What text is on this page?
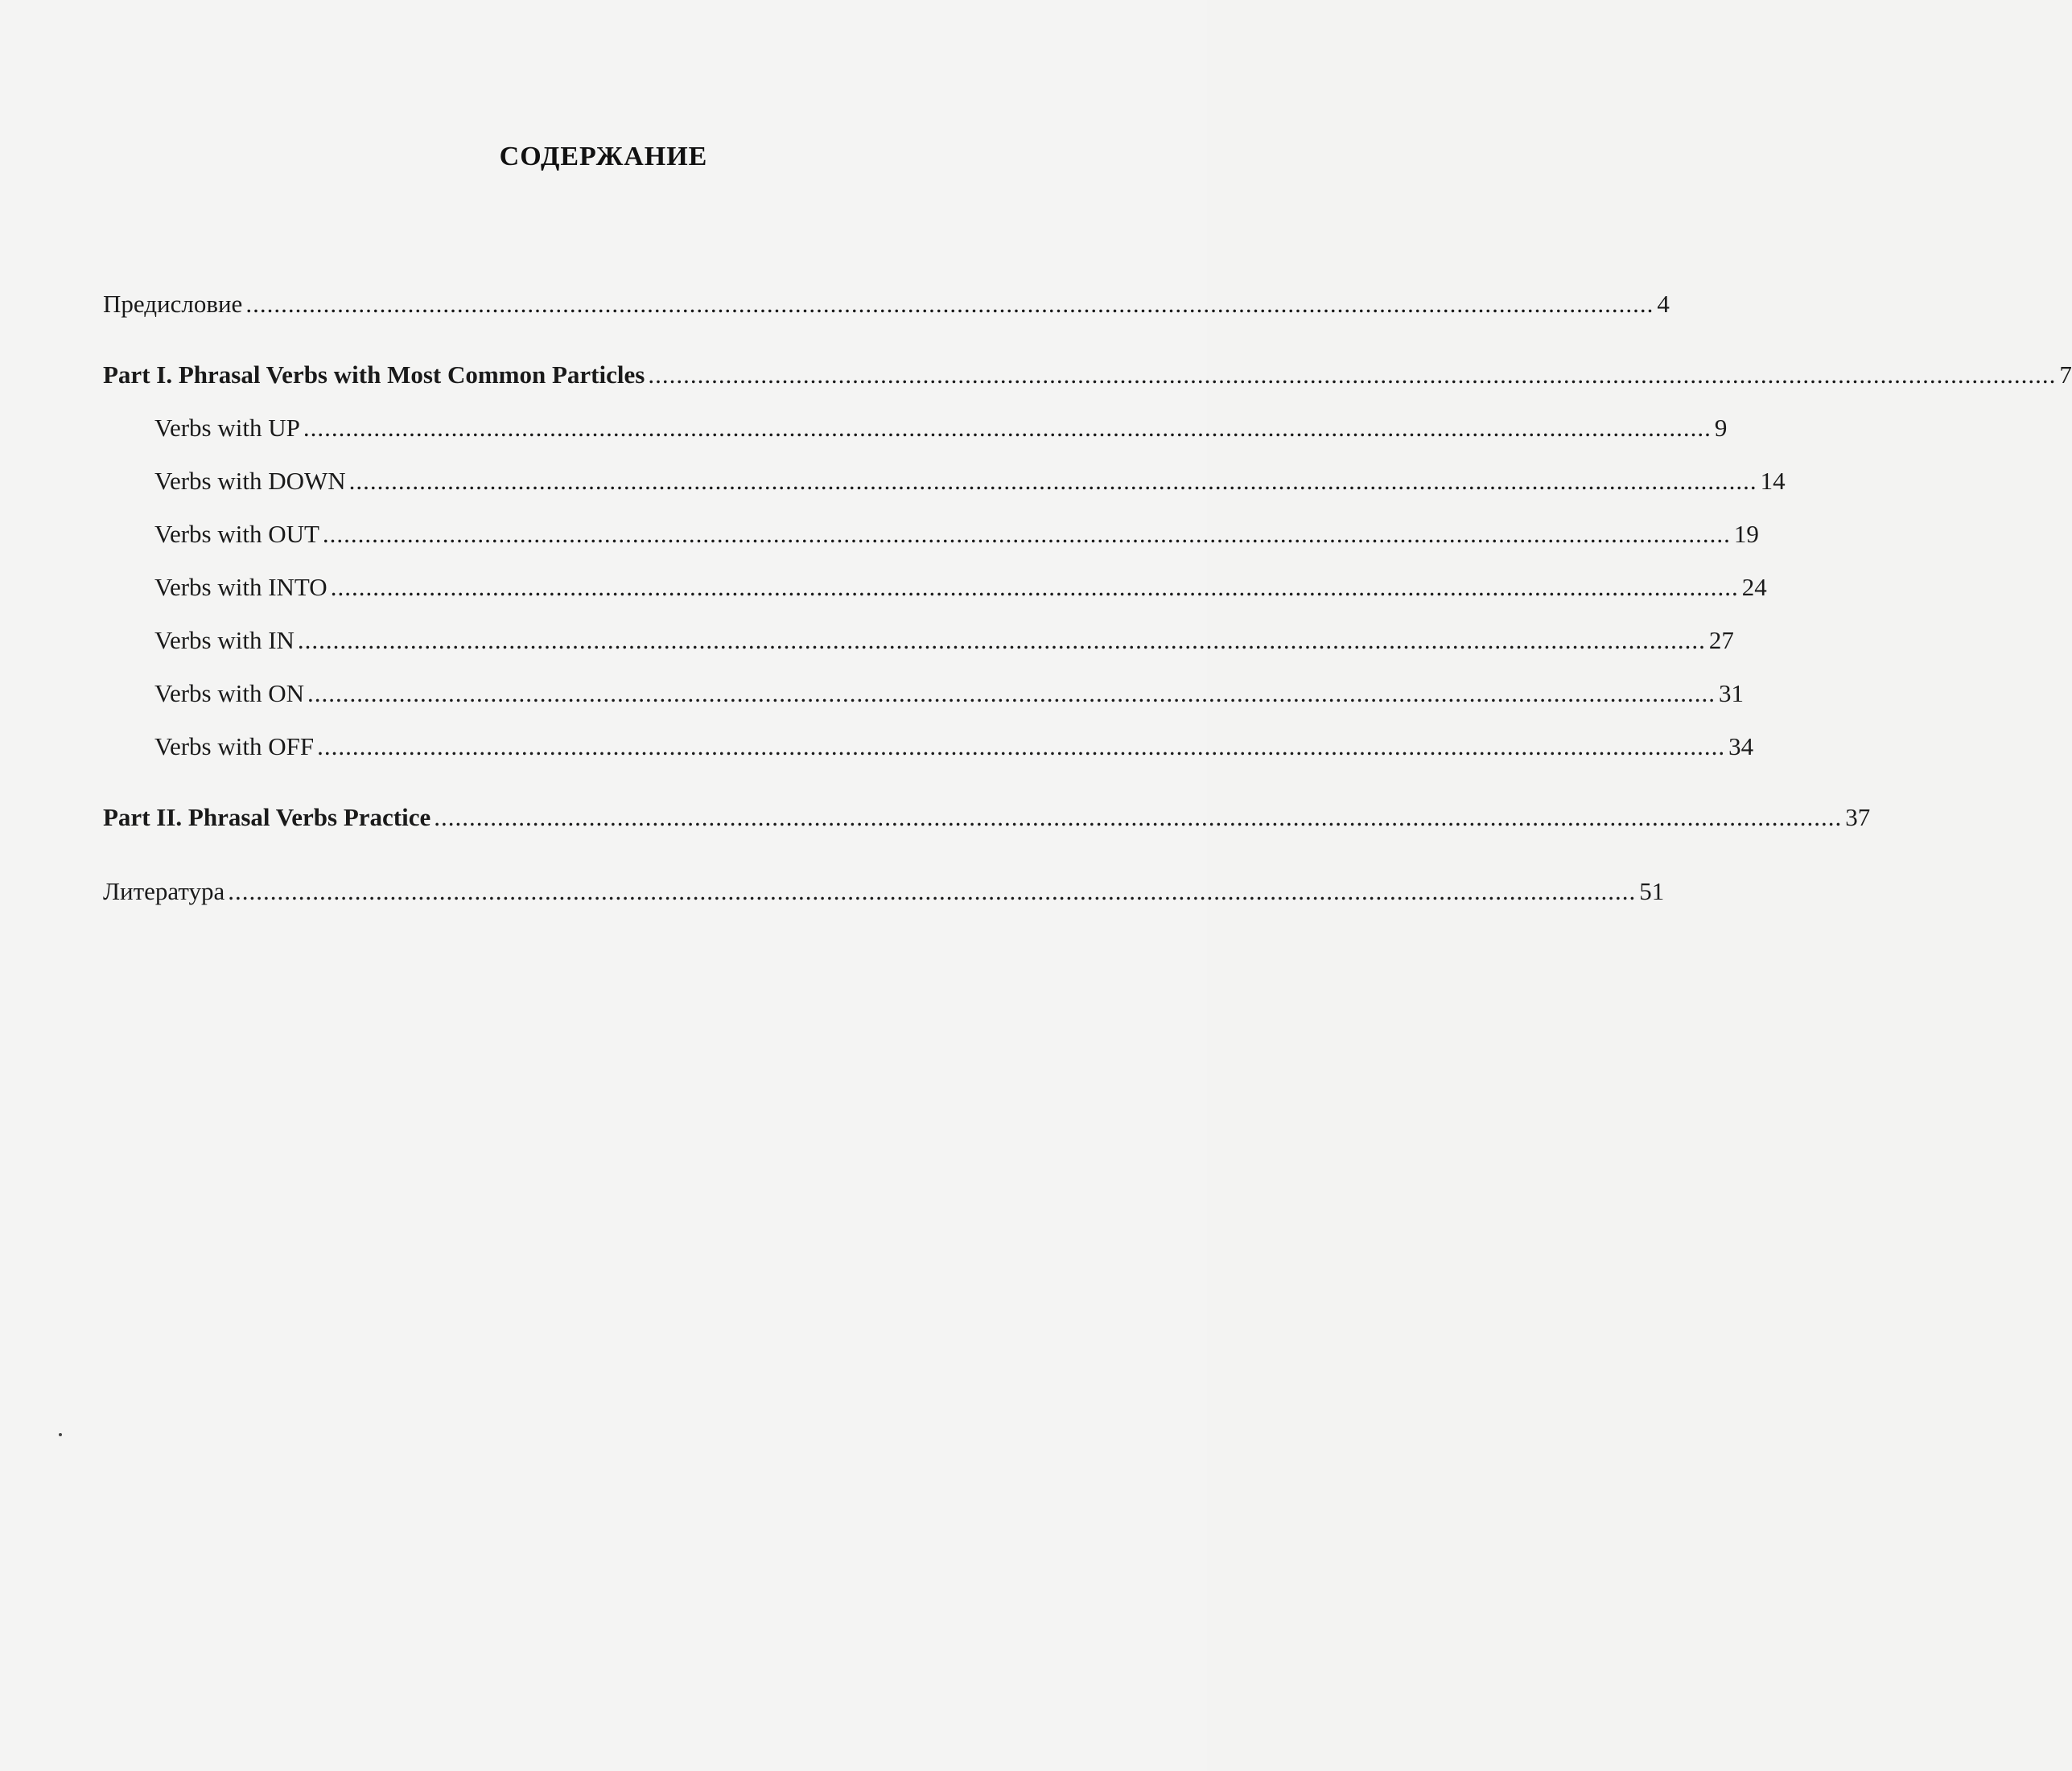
СОДЕРЖАНИЕ
Предисловие ........................................................................................................................................................................................................ 4
Part I. Phrasal Verbs with Most Common Particles ........................................................................................................................................................................................................ 7
Verbs with UP ........................................................................................................................................................................................................ 9
Verbs with DOWN ........................................................................................................................................................................................................ 14
Verbs with OUT ........................................................................................................................................................................................................ 19
Verbs with INTO ........................................................................................................................................................................................................ 24
Verbs with IN ........................................................................................................................................................................................................ 27
Verbs with ON ........................................................................................................................................................................................................ 31
Verbs with OFF ........................................................................................................................................................................................................ 34
Part II. Phrasal Verbs Practice ........................................................................................................................................................................................................ 37
Литература ........................................................................................................................................................................................................ 51
